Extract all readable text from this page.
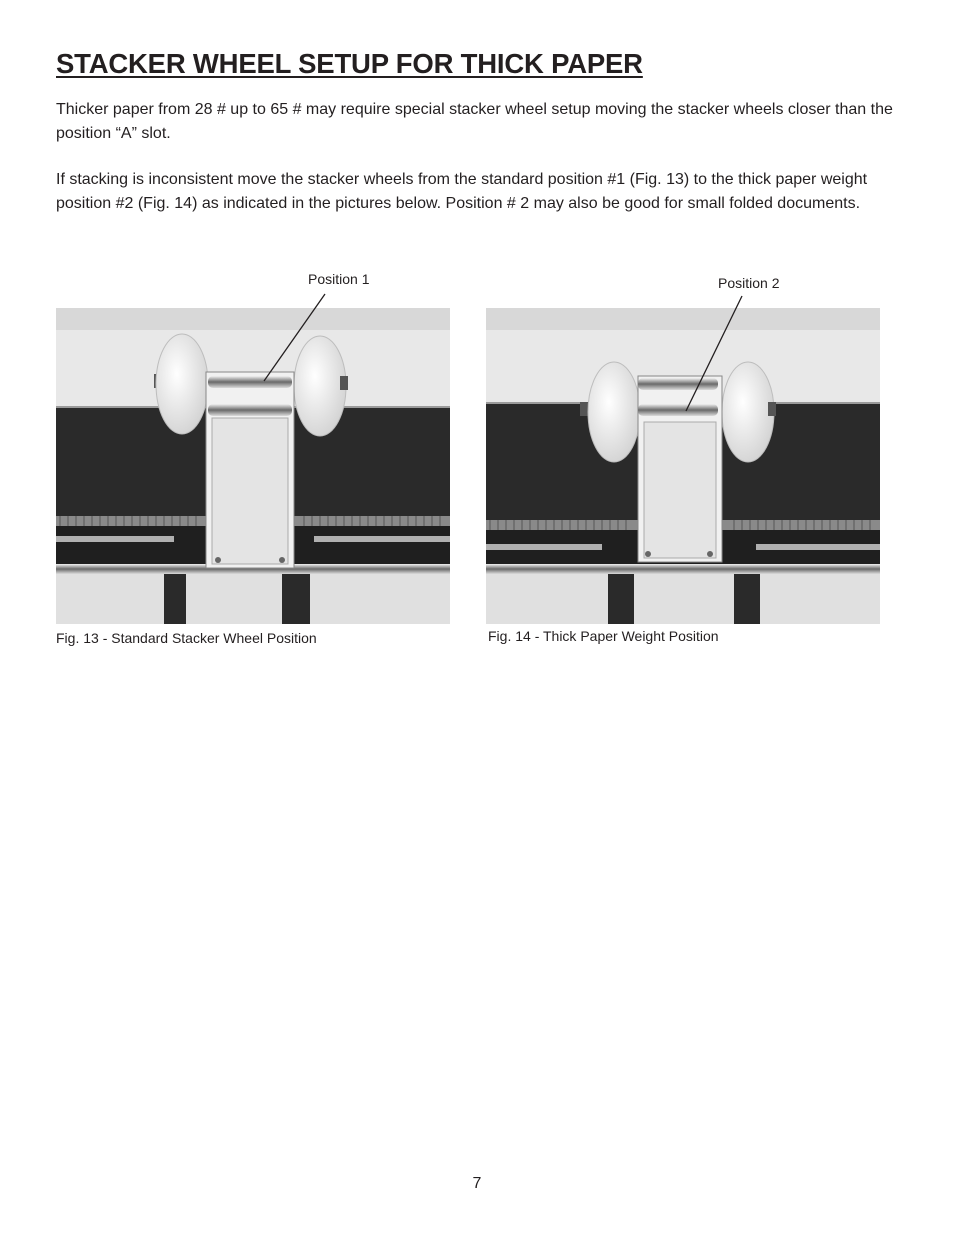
STACKER WHEEL SETUP FOR THICK PAPER

Thicker paper from 28 # up to 65 # may require special stacker wheel setup moving the stacker wheels closer than the position “A” slot.

If stacking is inconsistent move the stacker wheels from the standard position #1 (Fig. 13) to the thick paper weight position #2 (Fig. 14) as indicated in the pictures below. Position # 2 may also be good for small folded documents.

Position 1	Position 2
Fig. 13 - Standard Stacker Wheel Position	Fig. 14 - Thick Paper Weight Position
7
